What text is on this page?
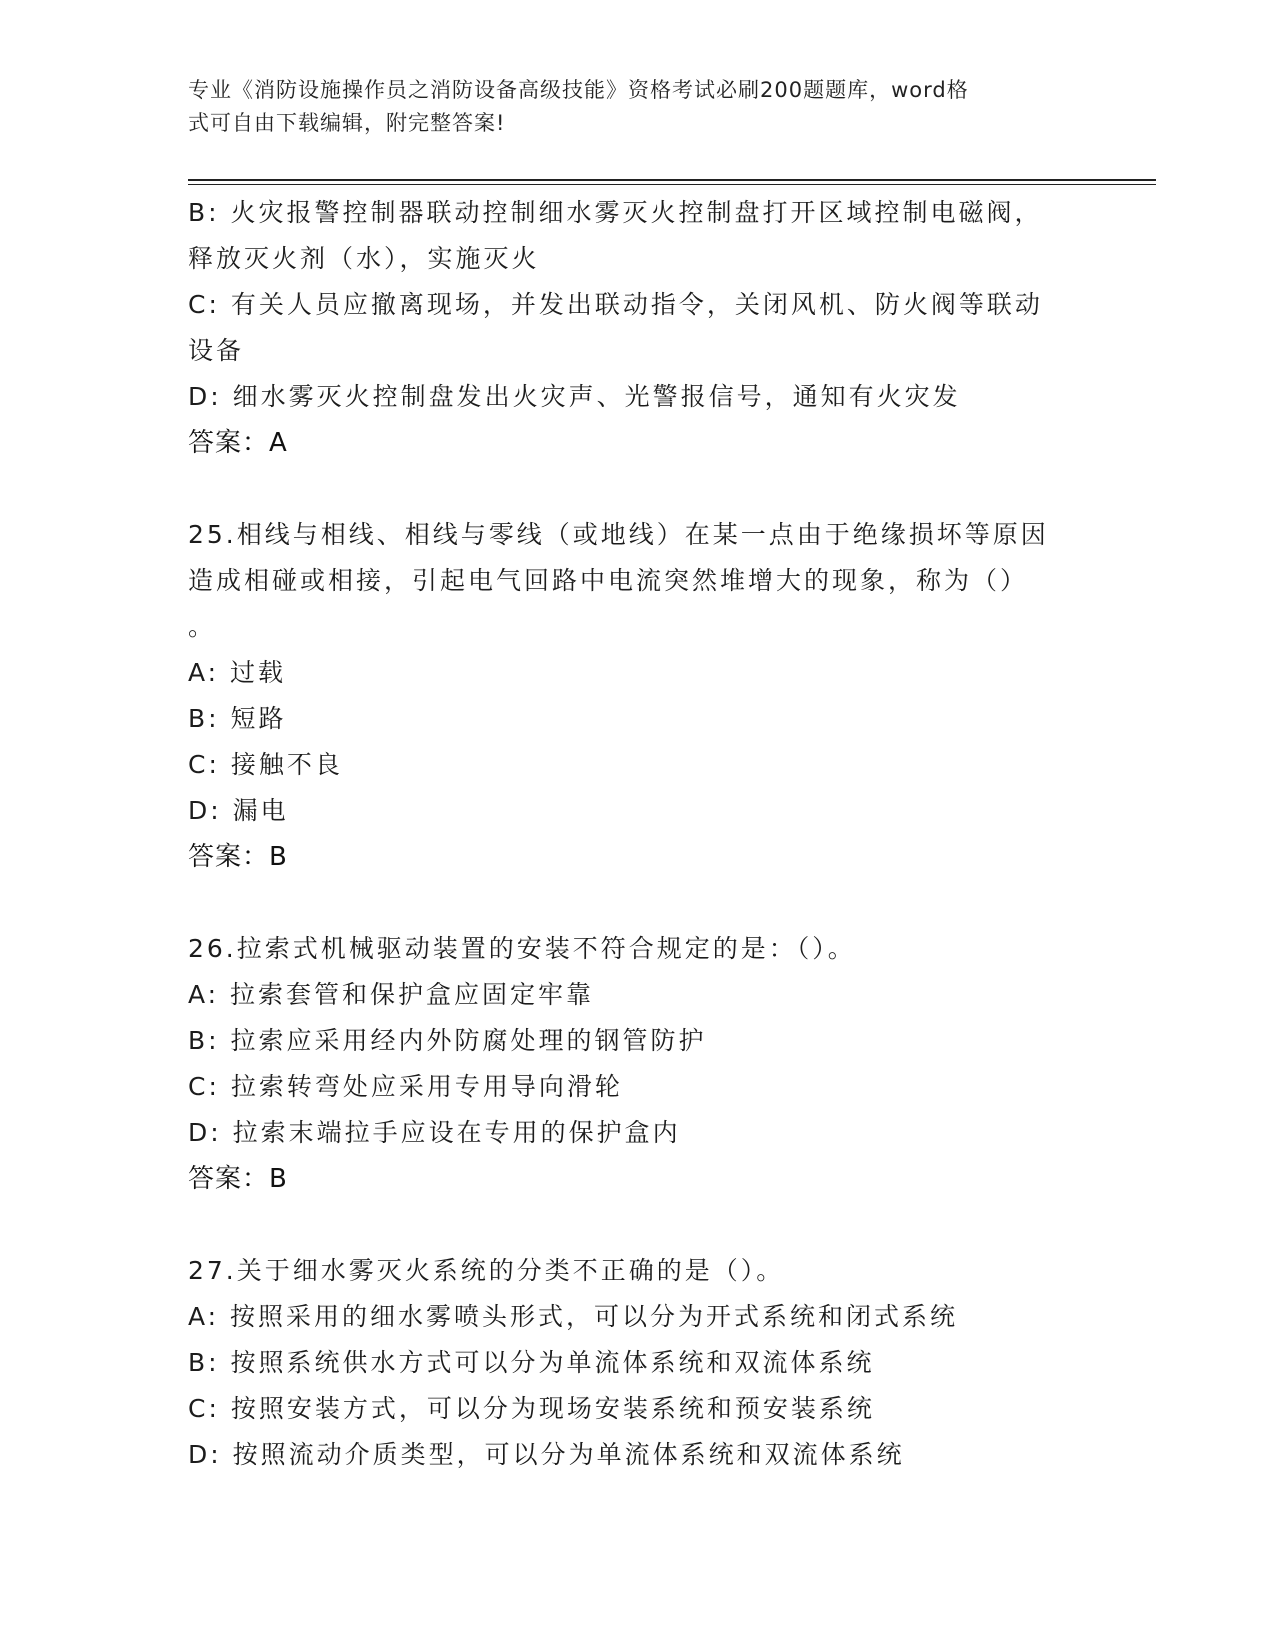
专业《消防设施操作员之消防设备高级技能》资格考试必刷200题题库，word格
式可自由下载编辑，附完整答案!
B: 火灾报警控制器联动控制细水雾灭火控制盘打开区域控制电磁阀，
释放灭火剂（水），实施灭火
C: 有关人员应撤离现场，并发出联动指令，关闭风机、防火阀等联动
设备
D: 细水雾灭火控制盘发出火灾声、光警报信号，通知有火灾发
答案：A
25.相线与相线、相线与零线（或地线）在某一点由于绝缘损坏等原因
造成相碰或相接，引起电气回路中电流突然堆增大的现象，称为（）
。
A: 过载
B: 短路
C: 接触不良
D: 漏电
答案：B
26.拉索式机械驱动装置的安装不符合规定的是：（）。
A: 拉索套管和保护盒应固定牢靠
B: 拉索应采用经内外防腐处理的钢管防护
C: 拉索转弯处应采用专用导向滑轮
D: 拉索末端拉手应设在专用的保护盒内
答案：B
27.关于细水雾灭火系统的分类不正确的是（）。
A: 按照采用的细水雾喷头形式，可以分为开式系统和闭式系统
B: 按照系统供水方式可以分为单流体系统和双流体系统
C: 按照安装方式，可以分为现场安装系统和预安装系统
D: 按照流动介质类型，可以分为单流体系统和双流体系统
